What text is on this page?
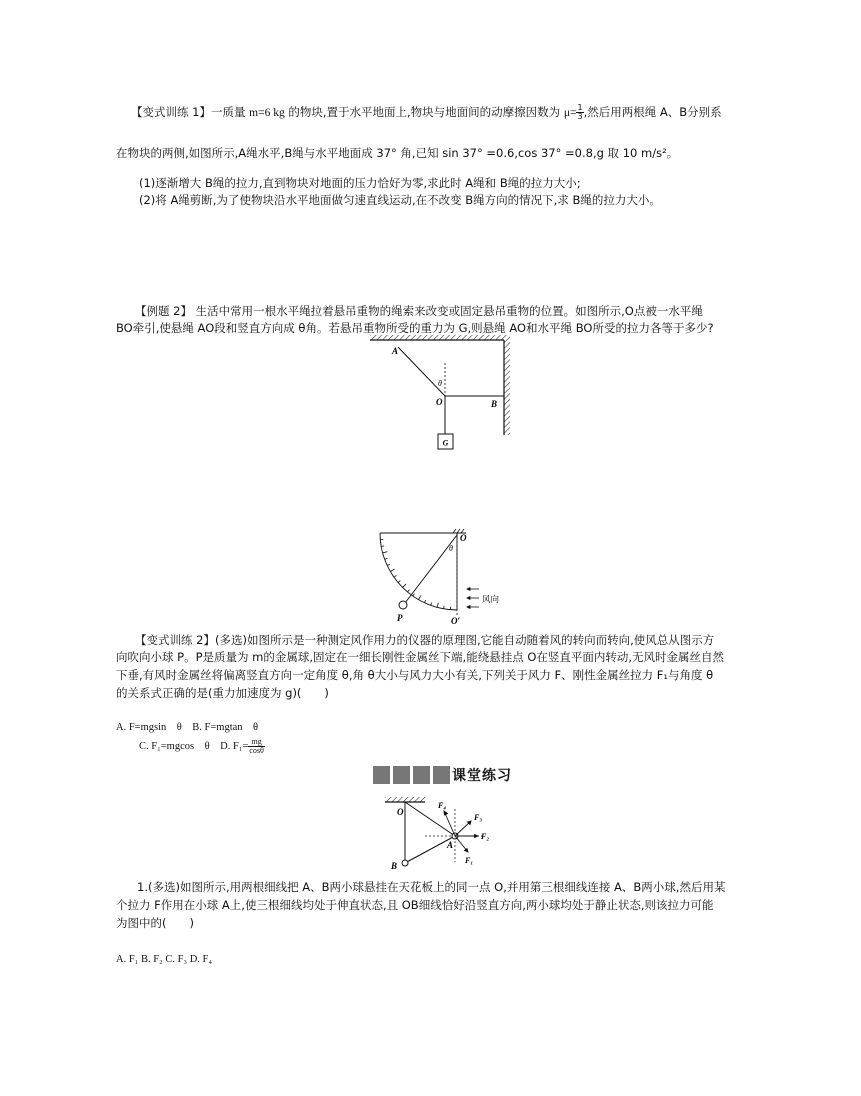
【变式训练 1】一质量 m=6 kg 的物块,置于水平地面上,物块与地面间的动摩擦因数为 $\mu= \frac{1}{3}$ ,然后用两根绳 A、B分别系
在物块的两侧,如图所示,A绳水平,B绳与水平地面成 37° 角,已知 sin 37° =0.6,cos 37° =0.8,g 取 10 m/s²。
(1)逐渐增大 B绳的拉力,直到物块对地面的压力恰好为零,求此时 A绳和 B绳的拉力大小;
(2)将 A绳剪断,为了使物块沿水平地面做匀速直线运动,在不改变 B绳方向的情况下,求 B绳的拉力大小。
【例题 2】 生活中常用一根水平绳拉着悬吊重物的绳索来改变或固定悬吊重物的位置。如图所示,O点被一水平绳
BO牵引,使悬绳 AO段和竖直方向成 θ角。若悬吊重物所受的重力为 G,则悬绳 AO和水平绳 BO所受的拉力各等于多少?
G
A
θ
O	B
O
θ
P	O′
风向
【变式训练 2】(多选)如图所示是一种测定风作用力的仪器的原理图,它能自动随着风的转向而转向,使风总从图示方
向吹向小球 P。P是质量为 m的金属球,固定在一细长刚性金属丝下端,能绕悬挂点 O在竖直平面内转动,无风时金属丝自然
下垂,有风时金属丝将偏离竖直方向一定角度 θ,角 θ大小与风力大小有关,下列关于风力 F、刚性金属丝拉力 F₁与角度 θ
的关系式正确的是(重力加速度为 g)(　　)
A. F=mgsin　θ　B. F=mgtan　θ
C. F₁=mgcos　θ　D. $F_1= \frac{mg}{\cos\theta}$
课堂练习
O
B
A
F₄
F₃
F₂
F₁
1.(多选)如图所示,用两根细线把 A、B两小球悬挂在天花板上的同一点 O,并用第三根细线连接 A、B两小球,然后用某
个拉力 F作用在小球 A上,使三根细线均处于伸直状态,且 OB细线恰好沿竖直方向,两小球均处于静止状态,则该拉力可能
为图中的(　　)
A. F₁ B. F₂ C. F₃ D. F₄
